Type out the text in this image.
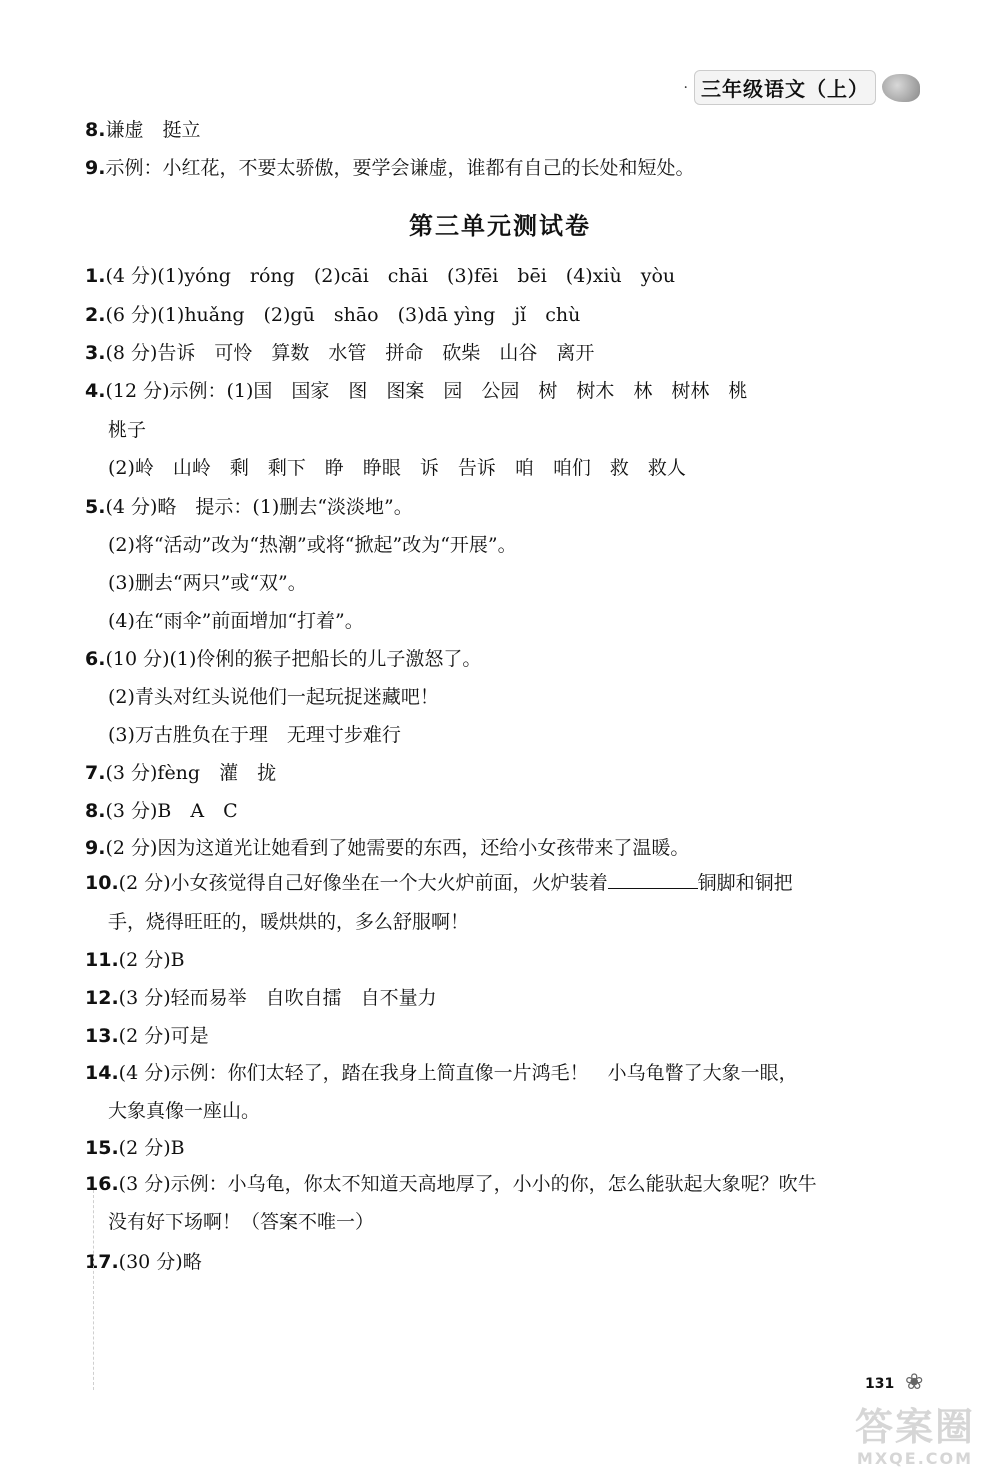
· 三年级语文（上）
8.谦虚　挺立
9.示例：小红花，不要太骄傲，要学会谦虚，谁都有自己的长处和短处。
第三单元测试卷
1.(4 分)(1)yóng　róng　(2)cāi　chāi　(3)fēi　bēi　(4)xiù　yòu
2.(6 分)(1)huǎng　(2)gū　shāo　(3)dā yìng　jǐ　chù
3.(8 分)告诉　可怜　算数　水管　拼命　砍柴　山谷　离开
4.(12 分)示例：(1)国　国家　图　图案　园　公园　树　树木　林　树林　桃
桃子
(2)岭　山岭　剩　剩下　睁　睁眼　诉　告诉　咱　咱们　救　救人
5.(4 分)略　提示：(1)删去“淡淡地”。
(2)将“活动”改为“热潮”或将“掀起”改为“开展”。
(3)删去“两只”或“双”。
(4)在“雨伞”前面增加“打着”。
6.(10 分)(1)伶俐的猴子把船长的儿子激怒了。
(2)青头对红头说他们一起玩捉迷藏吧！
(3)万古胜负在于理　无理寸步难行
7.(3 分)fèng　灌　拢
8.(3 分)B　A　C
9.(2 分)因为这道光让她看到了她需要的东西，还给小女孩带来了温暖。
10.(2 分)小女孩觉得自己好像坐在一个大火炉前面，火炉装着	铜脚和铜把
手，烧得旺旺的，暖烘烘的，多么舒服啊！
11.(2 分)B
12.(3 分)轻而易举　自吹自擂　自不量力
13.(2 分)可是
14.(4 分)示例：你们太轻了，踏在我身上简直像一片鸿毛！　小乌龟瞥了大象一眼，
大象真像一座山。
15.(2 分)B
16.(3 分)示例：小乌龟，你太不知道天高地厚了，小小的你，怎么能驮起大象呢？吹牛
没有好下场啊！（答案不唯一）
17.(30 分)略
131 ❀
答案圈
MXQE.COM
